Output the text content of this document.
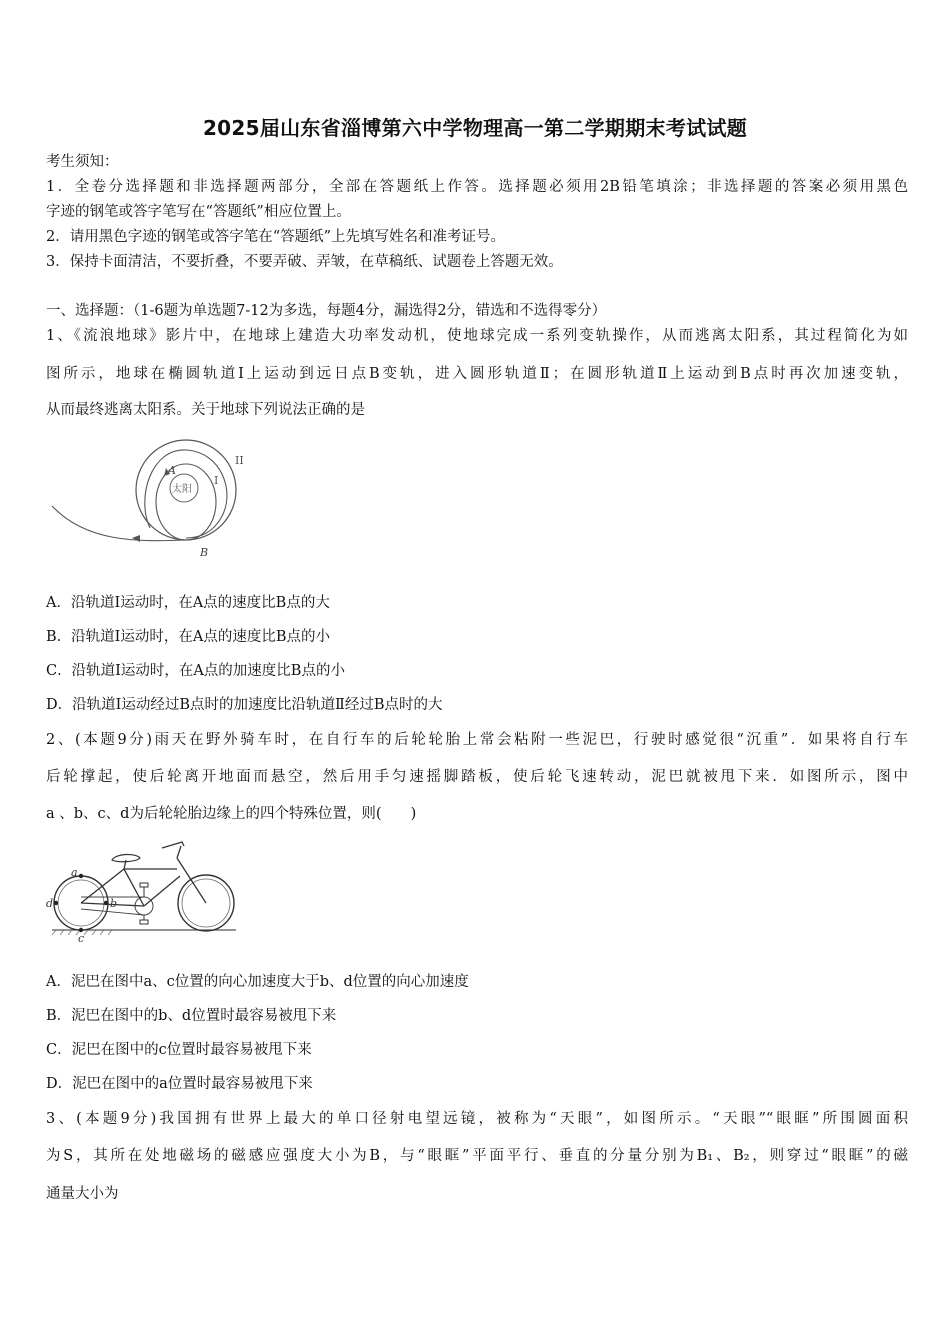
2025届山东省淄博第六中学物理高一第二学期期末考试试题
考生须知：
1．全卷分选择题和非选择题两部分，全部在答题纸上作答。选择题必须用2B铅笔填涂；非选择题的答案必须用黑色
字迹的钢笔或答字笔写在“答题纸”相应位置上。
2．请用黑色字迹的钢笔或答字笔在“答题纸”上先填写姓名和准考证号。
3．保持卡面清洁，不要折叠，不要弄破、弄皱，在草稿纸、试题卷上答题无效。
一、选择题：（1-6题为单选题7-12为多选，每题4分，漏选得2分，错选和不选得零分）
1、《流浪地球》影片中，在地球上建造大功率发动机，使地球完成一系列变轨操作，从而逃离太阳系，其过程简化为如
图所示，地球在椭圆轨道Ⅰ上运动到远日点B变轨，进入圆形轨道Ⅱ；在圆形轨道Ⅱ上运动到B点时再次加速变轨，
从而最终逃离太阳系。关于地球下列说法正确的是
A
B
太阳
I
II
A．沿轨道Ⅰ运动时，在A点的速度比B点的大
B．沿轨道Ⅰ运动时，在A点的速度比B点的小
C．沿轨道Ⅰ运动时，在A点的加速度比B点的小
D．沿轨道Ⅰ运动经过B点时的加速度比沿轨道Ⅱ经过B点时的大
2、(本题9分)雨天在野外骑车时，在自行车的后轮轮胎上常会粘附一些泥巴，行驶时感觉很“沉重”．如果将自行车
后轮撑起，使后轮离开地面而悬空，然后用手匀速摇脚踏板，使后轮飞速转动，泥巴就被甩下来．如图所示，图中
a 、b、c、d为后轮轮胎边缘上的四个特殊位置，则(　　)
a
b
c
d
A．泥巴在图中a、c位置的向心加速度大于b、d位置的向心加速度
B．泥巴在图中的b、d位置时最容易被甩下来
C．泥巴在图中的c位置时最容易被甩下来
D．泥巴在图中的a位置时最容易被甩下来
3、(本题9分)我国拥有世界上最大的单口径射电望远镜，被称为“天眼”，如图所示。“天眼”“眼眶”所围圆面积
为S，其所在处地磁场的磁感应强度大小为B，与“眼眶”平面平行、垂直的分量分别为B₁、B₂，则穿过“眼眶”的磁
通量大小为
